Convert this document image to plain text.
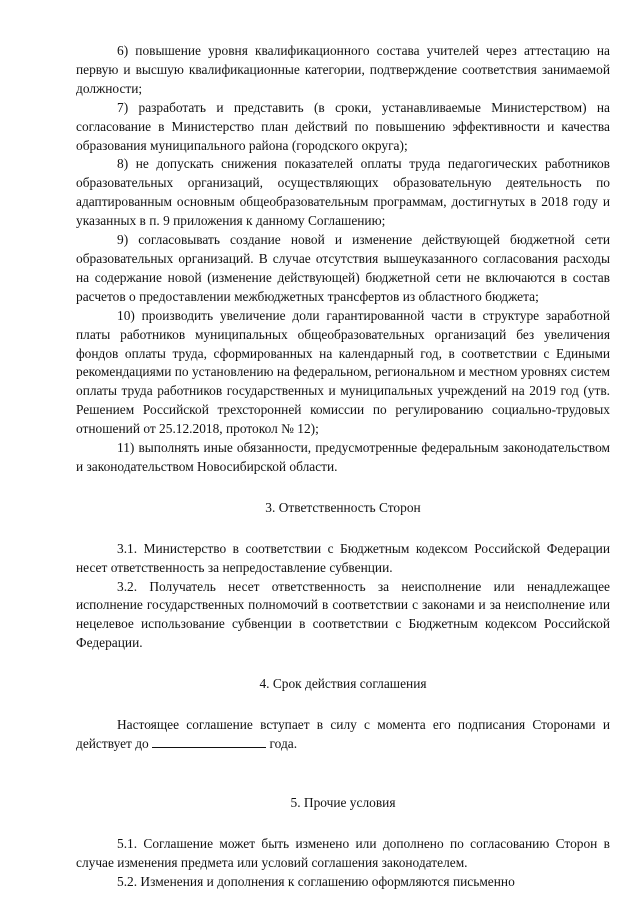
6) повышение уровня квалификационного состава учителей через аттестацию на первую и высшую квалификационные категории, подтверждение соответствия занимаемой должности;

7) разработать и представить (в сроки, устанавливаемые Министерством) на согласование в Министерство план действий по повышению эффективности и качества образования муниципального района (городского округа);

8) не допускать снижения показателей оплаты труда педагогических работников образовательных организаций, осуществляющих образовательную деятельность по адаптированным основным общеобразовательным программам, достигнутых в 2018 году и указанных в п. 9 приложения к данному Соглашению;

9) согласовывать создание новой и изменение действующей бюджетной сети образовательных организаций. В случае отсутствия вышеуказанного согласования расходы на содержание новой (изменение действующей) бюджетной сети не включаются в состав расчетов о предоставлении межбюджетных трансфертов из областного бюджета;

10) производить увеличение доли гарантированной части в структуре заработной платы работников муниципальных общеобразовательных организаций без увеличения фондов оплаты труда, сформированных на календарный год, в соответствии с Едиными рекомендациями по установлению на федеральном, региональном и местном уровнях систем оплаты труда работников государственных и муниципальных учреждений на 2019 год (утв. Решением Российской трехсторонней комиссии по регулированию социально-трудовых отношений от 25.12.2018, протокол № 12);

11) выполнять иные обязанности, предусмотренные федеральным законодательством и законодательством Новосибирской области.

3. Ответственность Сторон

3.1. Министерство в соответствии с Бюджетным кодексом Российской Федерации несет ответственность за непредоставление субвенции.

3.2. Получатель несет ответственность за неисполнение или ненадлежащее исполнение государственных полномочий в соответствии с законами и за неисполнение или нецелевое использование субвенции в соответствии с Бюджетным кодексом Российской Федерации.

4. Срок действия соглашения

Настоящее соглашение вступает в силу с момента его подписания Сторонами и действует до	года.

5. Прочие условия

5.1. Соглашение может быть изменено или дополнено по согласованию Сторон в случае изменения предмета или условий соглашения законодателем.

5.2. Изменения и дополнения к соглашению оформляются письменно
